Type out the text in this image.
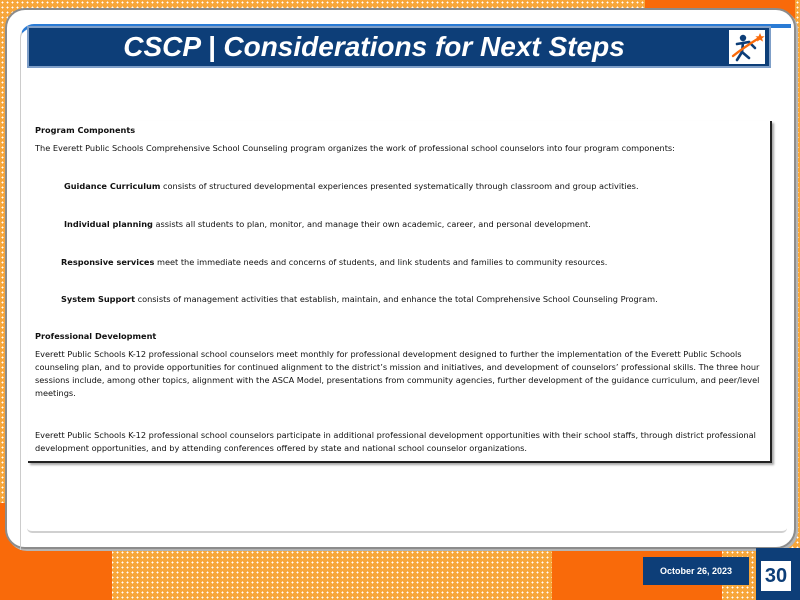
CSCP | Considerations for Next Steps
Program Components
The Everett Public Schools Comprehensive School Counseling program organizes the work of professional school counselors into four program components:
Guidance Curriculum consists of structured developmental experiences presented systematically through classroom and group activities.
Individual planning assists all students to plan, monitor, and manage their own academic, career, and personal development.
Responsive services meet the immediate needs and concerns of students, and link students and families to community resources.
System Support consists of management activities that establish, maintain, and enhance the total Comprehensive School Counseling Program.
Professional Development
Everett Public Schools K-12 professional school counselors meet monthly for professional development designed to further the implementation of the Everett Public Schools counseling plan, and to provide opportunities for continued alignment to the district’s mission and initiatives, and development of counselors’ professional skills. The three hour sessions include, among other topics, alignment with the ASCA Model, presentations from community agencies, further development of the guidance curriculum, and peer/level meetings.
Everett Public Schools K-12 professional school counselors participate in additional professional development opportunities with their school staffs, through district professional development opportunities, and by attending conferences offered by state and national school counselor organizations.
October 26, 2023	30
